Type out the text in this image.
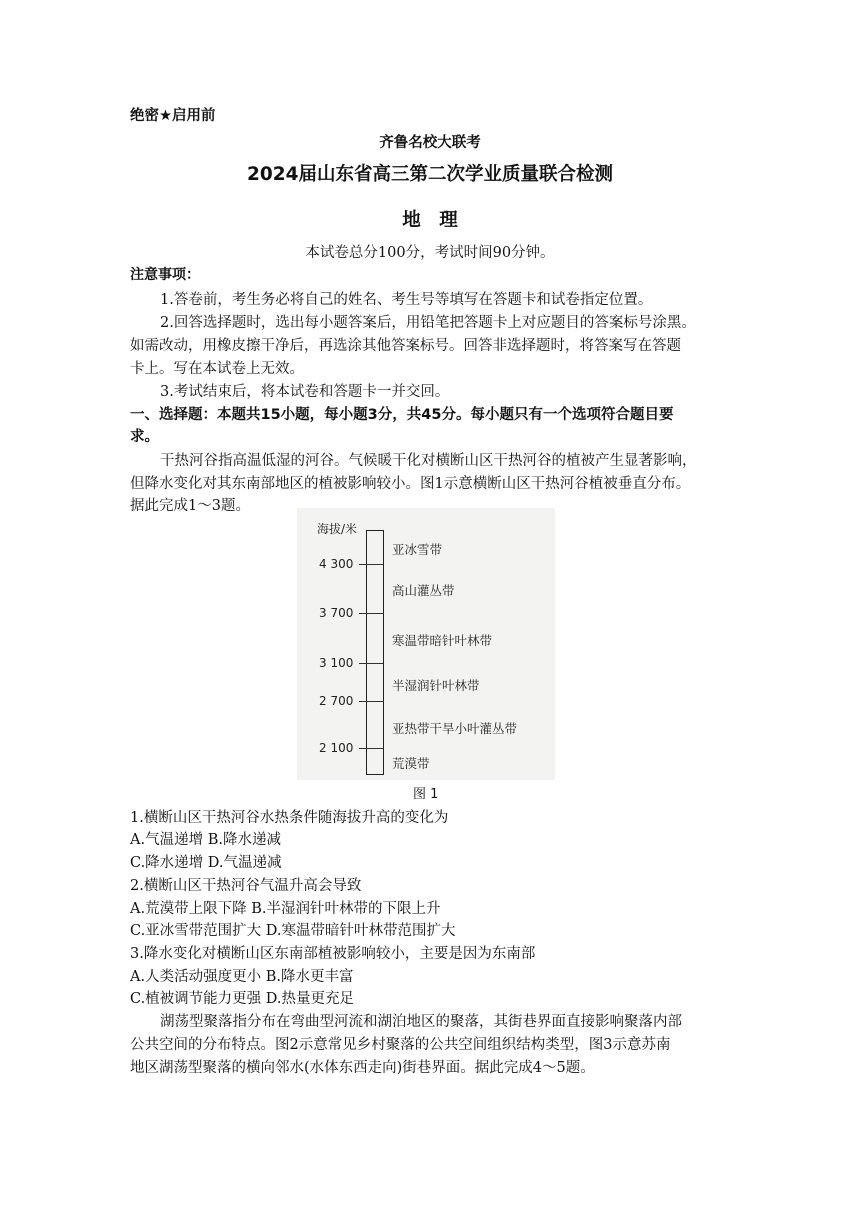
绝密★启用前
齐鲁名校大联考
2024届山东省高三第二次学业质量联合检测
地　理
本试卷总分100分，考试时间90分钟。
注意事项：
1.答卷前，考生务必将自己的姓名、考生号等填写在答题卡和试卷指定位置。
2.回答选择题时，选出每小题答案后，用铅笔把答题卡上对应题目的答案标号涂黑。
如需改动，用橡皮擦干净后，再选涂其他答案标号。回答非选择题时，将答案写在答题
卡上。写在本试卷上无效。
3.考试结束后，将本试卷和答题卡一并交回。
一、选择题：本题共15小题，每小题3分，共45分。每小题只有一个选项符合题目要
求。
干热河谷指高温低湿的河谷。气候暖干化对横断山区干热河谷的植被产生显著影响，
但降水变化对其东南部地区的植被影响较小。图1示意横断山区干热河谷植被垂直分布。
据此完成1～3题。
海拔/米
4 300
3 700
3 100
2 700
2 100
亚冰雪带
高山灌丛带
寒温带暗针叶林带
半湿润针叶林带
亚热带干旱小叶灌丛带
荒漠带
图 1
1.横断山区干热河谷水热条件随海拔升高的变化为
A.气温递增 B.降水递减
C.降水递增 D.气温递减
2.横断山区干热河谷气温升高会导致
A.荒漠带上限下降 B.半湿润针叶林带的下限上升
C.亚冰雪带范围扩大 D.寒温带暗针叶林带范围扩大
3.降水变化对横断山区东南部植被影响较小，主要是因为东南部
A.人类活动强度更小 B.降水更丰富
C.植被调节能力更强 D.热量更充足
湖荡型聚落指分布在弯曲型河流和湖泊地区的聚落，其街巷界面直接影响聚落内部
公共空间的分布特点。图2示意常见乡村聚落的公共空间组织结构类型，图3示意苏南
地区湖荡型聚落的横向邻水(水体东西走向)街巷界面。据此完成4～5题。
